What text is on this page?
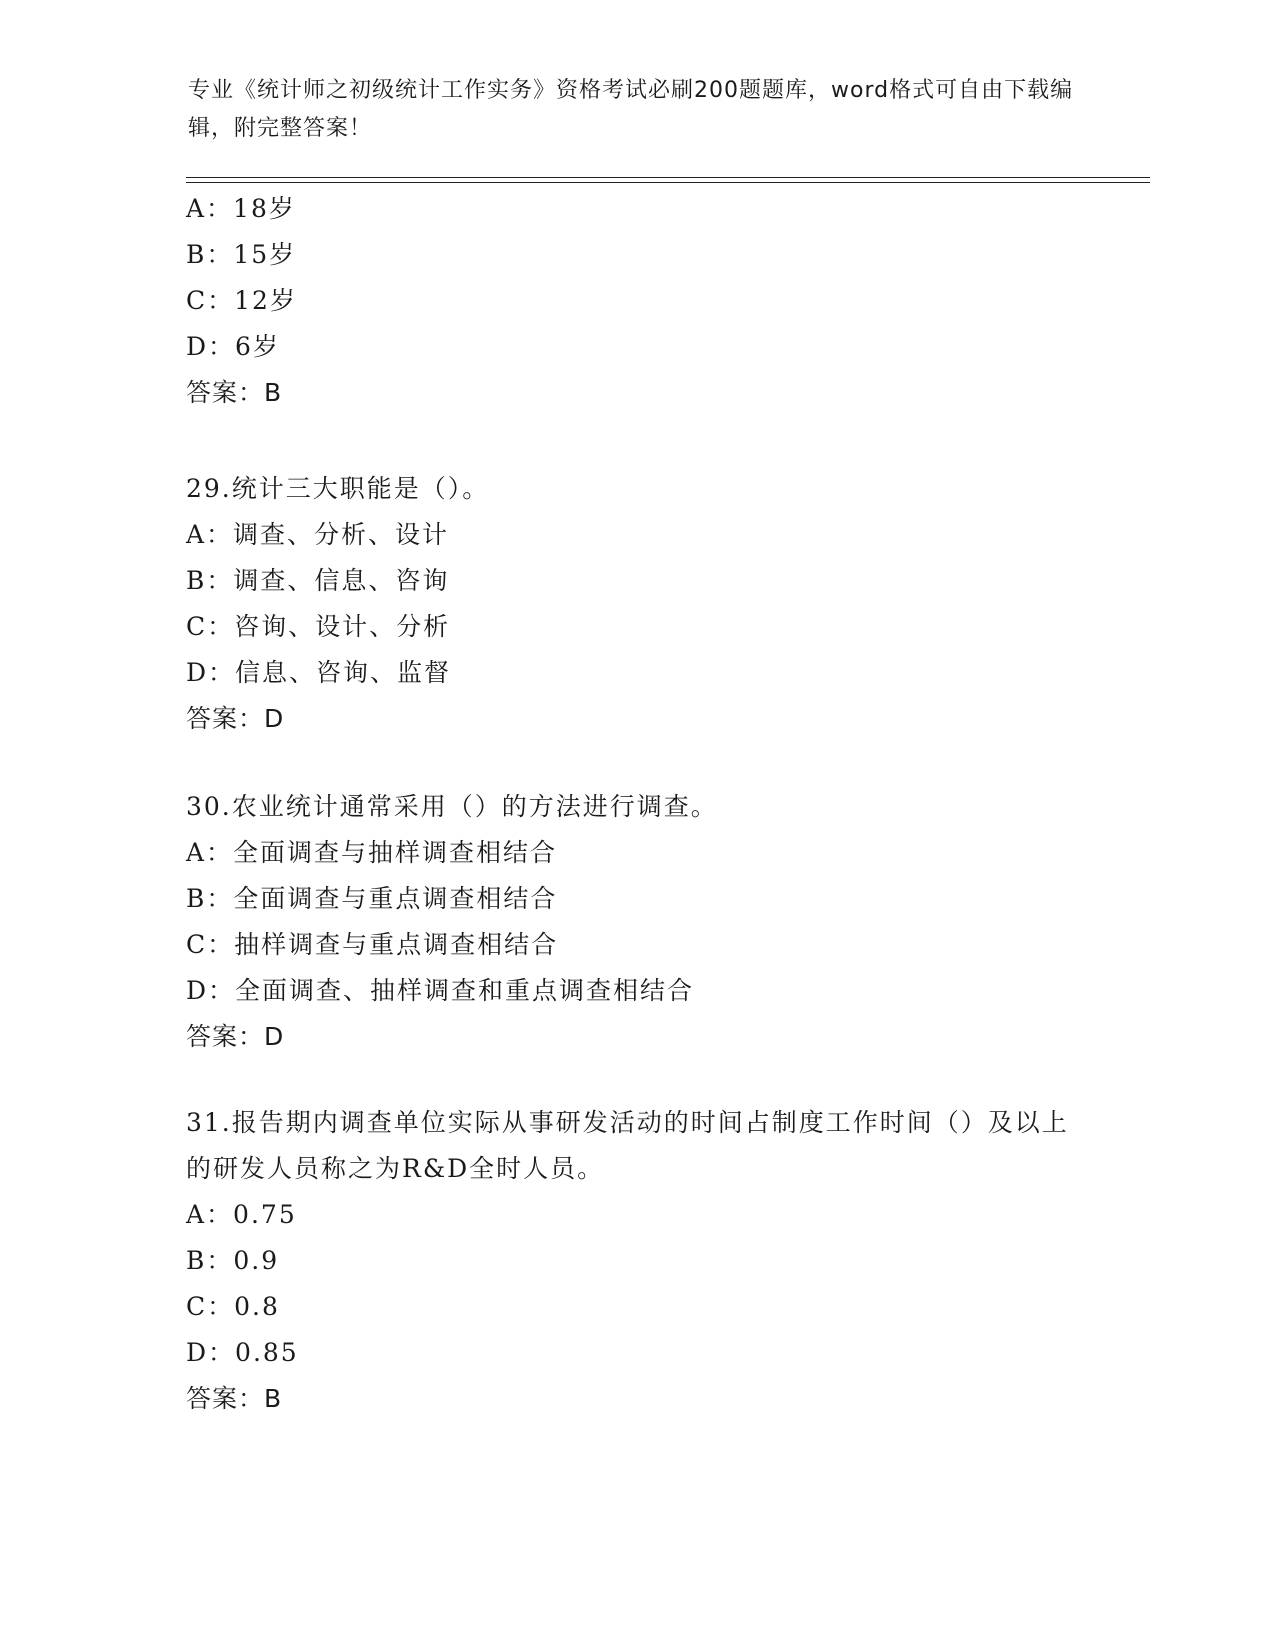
专业《统计师之初级统计工作实务》资格考试必刷200题题库，word格式可自由下载编辑，附完整答案！

A：18岁
B：15岁
C：12岁
D：6岁
答案：B
29.统计三大职能是（）。
A：调查、分析、设计
B：调查、信息、咨询
C：咨询、设计、分析
D：信息、咨询、监督
答案：D
30.农业统计通常采用（）的方法进行调查。
A：全面调查与抽样调查相结合
B：全面调查与重点调查相结合
C：抽样调查与重点调查相结合
D：全面调查、抽样调查和重点调查相结合
答案：D
31.报告期内调查单位实际从事研发活动的时间占制度工作时间（）及以上的研发人员称之为R&D全时人员。
A：0.75
B：0.9
C：0.8
D：0.85
答案：B
